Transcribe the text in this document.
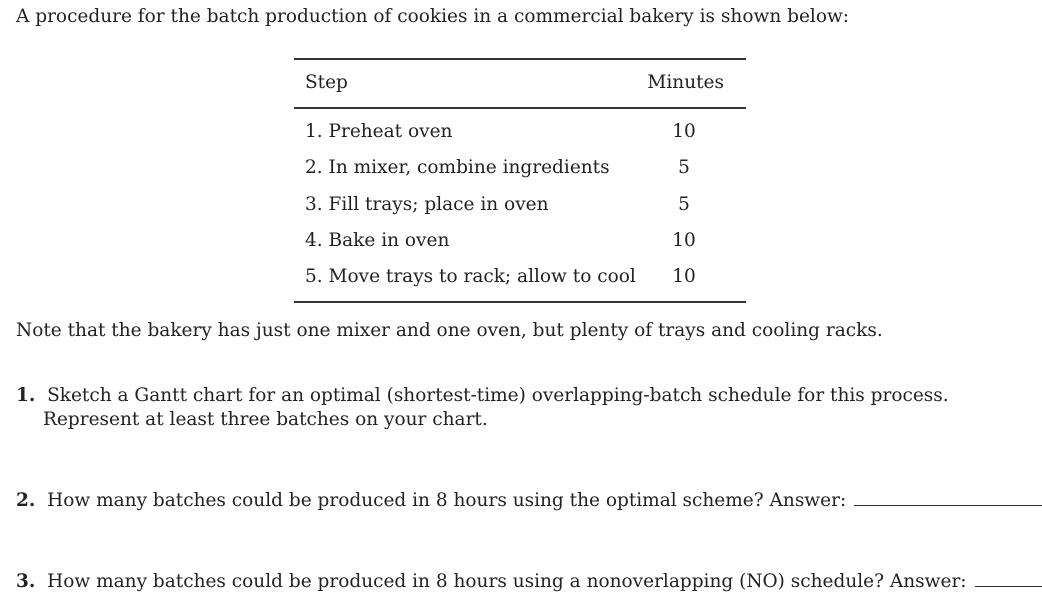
A procedure for the batch production of cookies in a commercial bakery is shown below:
Step	Minutes
1. Preheat oven	10
2. In mixer, combine ingredients	5
3. Fill trays; place in oven	5
4. Bake in oven	10
5. Move trays to rack; allow to cool	10
Note that the bakery has just one mixer and one oven, but plenty of trays and cooling racks.
1. Sketch a Gantt chart for an optimal (shortest-time) overlapping-batch schedule for this process. Represent at least three batches on your chart.
2. How many batches could be produced in 8 hours using the optimal scheme? Answer:
3. How many batches could be produced in 8 hours using a nonoverlapping (NO) schedule? Answer:
